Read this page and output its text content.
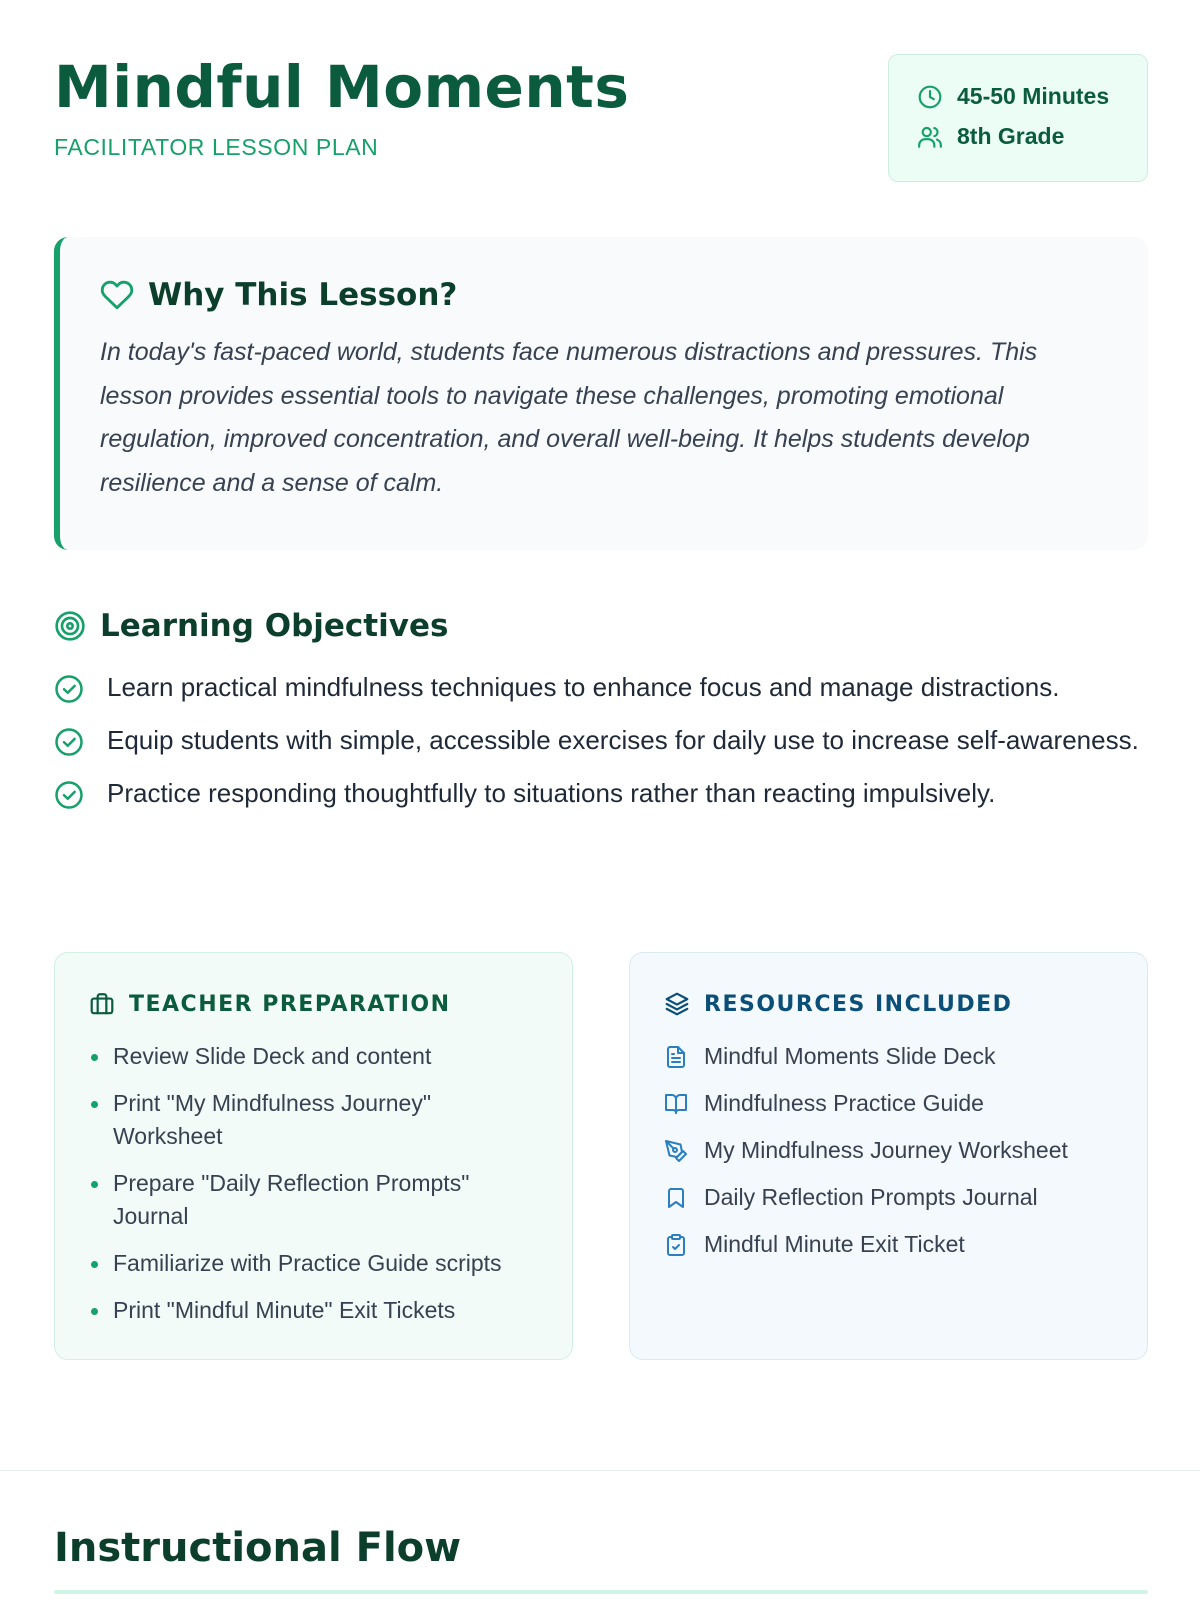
Mindful Moments
FACILITATOR LESSON PLAN
45-50 Minutes
8th Grade
Why This Lesson?
In today's fast-paced world, students face numerous distractions and pressures. This lesson provides essential tools to navigate these challenges, promoting emotional regulation, improved concentration, and overall well-being. It helps students develop resilience and a sense of calm.
Learning Objectives
Learn practical mindfulness techniques to enhance focus and manage distractions.
Equip students with simple, accessible exercises for daily use to increase self-awareness.
Practice responding thoughtfully to situations rather than reacting impulsively.
TEACHER PREPARATION
Review Slide Deck and content
Print "My Mindfulness Journey" Worksheet
Prepare "Daily Reflection Prompts" Journal
Familiarize with Practice Guide scripts
Print "Mindful Minute" Exit Tickets
RESOURCES INCLUDED
Mindful Moments Slide Deck
Mindfulness Practice Guide
My Mindfulness Journey Worksheet
Daily Reflection Prompts Journal
Mindful Minute Exit Ticket
Instructional Flow
